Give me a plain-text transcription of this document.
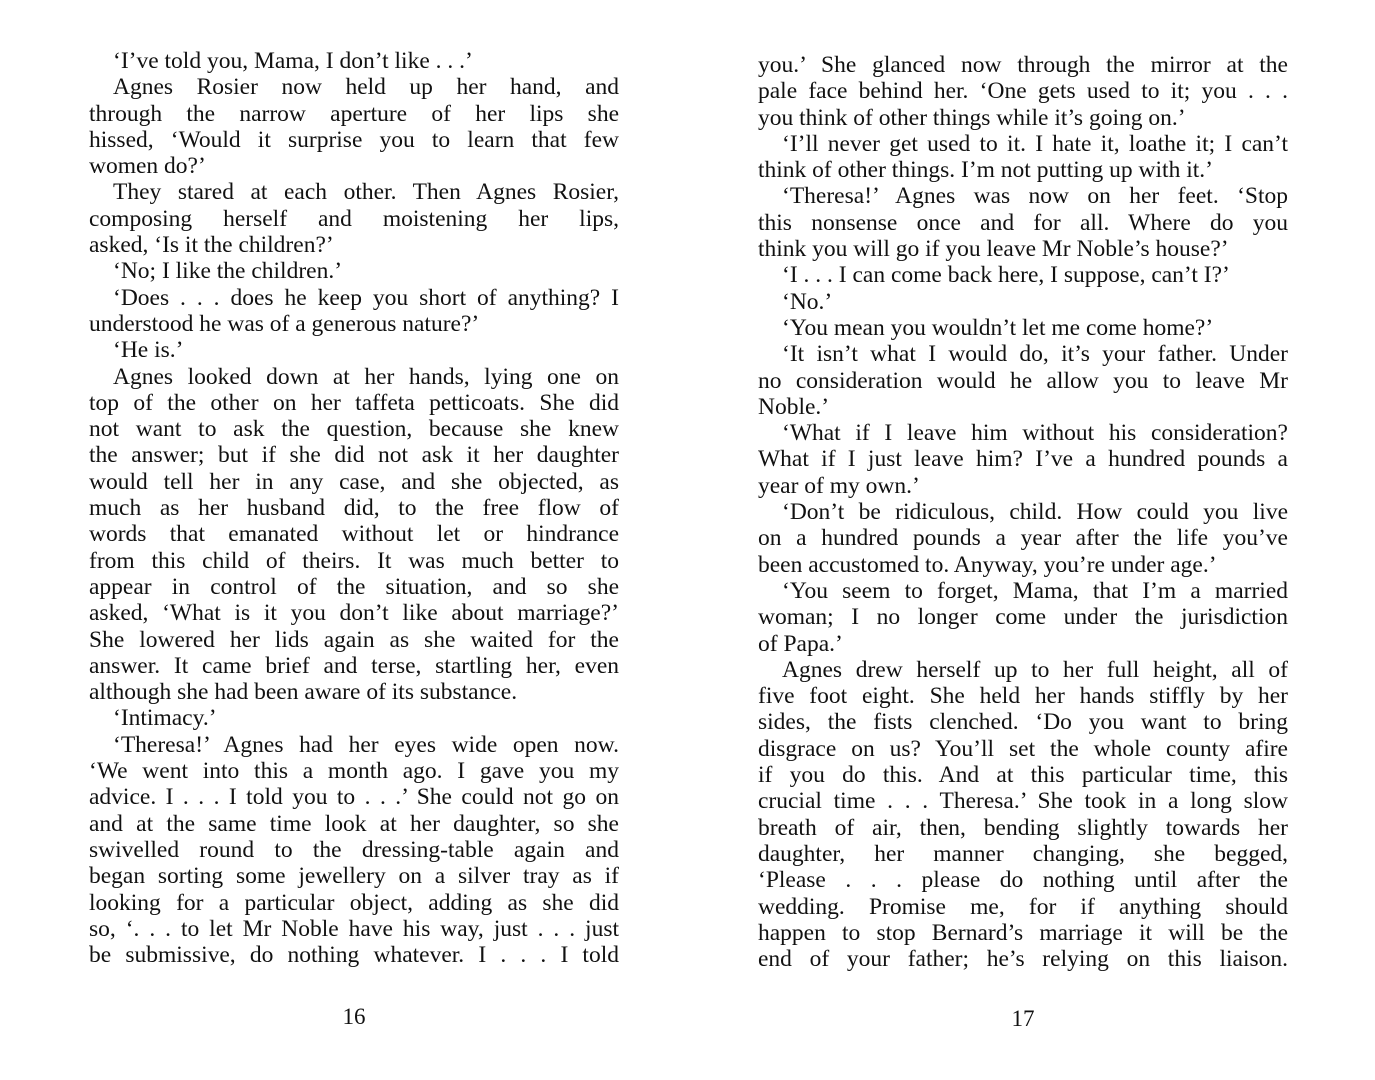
‘I’ve told you, Mama, I don’t like . . .’
Agnes Rosier now held up her hand, and
through the narrow aperture of her lips she
hissed, ‘Would it surprise you to learn that few
women do?’
They stared at each other. Then Agnes Rosier,
composing herself and moistening her lips,
asked, ‘Is it the children?’
‘No; I like the children.’
‘Does . . . does he keep you short of anything? I
understood he was of a generous nature?’
‘He is.’
Agnes looked down at her hands, lying one on
top of the other on her taffeta petticoats. She did
not want to ask the question, because she knew
the answer; but if she did not ask it her daughter
would tell her in any case, and she objected, as
much as her husband did, to the free flow of
words that emanated without let or hindrance
from this child of theirs. It was much better to
appear in control of the situation, and so she
asked, ‘What is it you don’t like about marriage?’
She lowered her lids again as she waited for the
answer. It came brief and terse, startling her, even
although she had been aware of its substance.
‘Intimacy.’
‘Theresa!’ Agnes had her eyes wide open now.
‘We went into this a month ago. I gave you my
advice. I . . . I told you to . . .’ She could not go on
and at the same time look at her daughter, so she
swivelled round to the dressing-table again and
began sorting some jewellery on a silver tray as if
looking for a particular object, adding as she did
so, ‘. . . to let Mr Noble have his way, just . . . just
be submissive, do nothing whatever. I . . . I told
16
you.’ She glanced now through the mirror at the
pale face behind her. ‘One gets used to it; you . . .
you think of other things while it’s going on.’
‘I’ll never get used to it. I hate it, loathe it; I can’t
think of other things. I’m not putting up with it.’
‘Theresa!’ Agnes was now on her feet. ‘Stop
this nonsense once and for all. Where do you
think you will go if you leave Mr Noble’s house?’
‘I . . . I can come back here, I suppose, can’t I?’
‘No.’
‘You mean you wouldn’t let me come home?’
‘It isn’t what I would do, it’s your father. Under
no consideration would he allow you to leave Mr
Noble.’
‘What if I leave him without his consideration?
What if I just leave him? I’ve a hundred pounds a
year of my own.’
‘Don’t be ridiculous, child. How could you live
on a hundred pounds a year after the life you’ve
been accustomed to. Anyway, you’re under age.’
‘You seem to forget, Mama, that I’m a married
woman; I no longer come under the jurisdiction
of Papa.’
Agnes drew herself up to her full height, all of
five foot eight. She held her hands stiffly by her
sides, the fists clenched. ‘Do you want to bring
disgrace on us? You’ll set the whole county afire
if you do this. And at this particular time, this
crucial time . . . Theresa.’ She took in a long slow
breath of air, then, bending slightly towards her
daughter, her manner changing, she begged,
‘Please . . . please do nothing until after the
wedding. Promise me, for if anything should
happen to stop Bernard’s marriage it will be the
end of your father; he’s relying on this liaison.
17
